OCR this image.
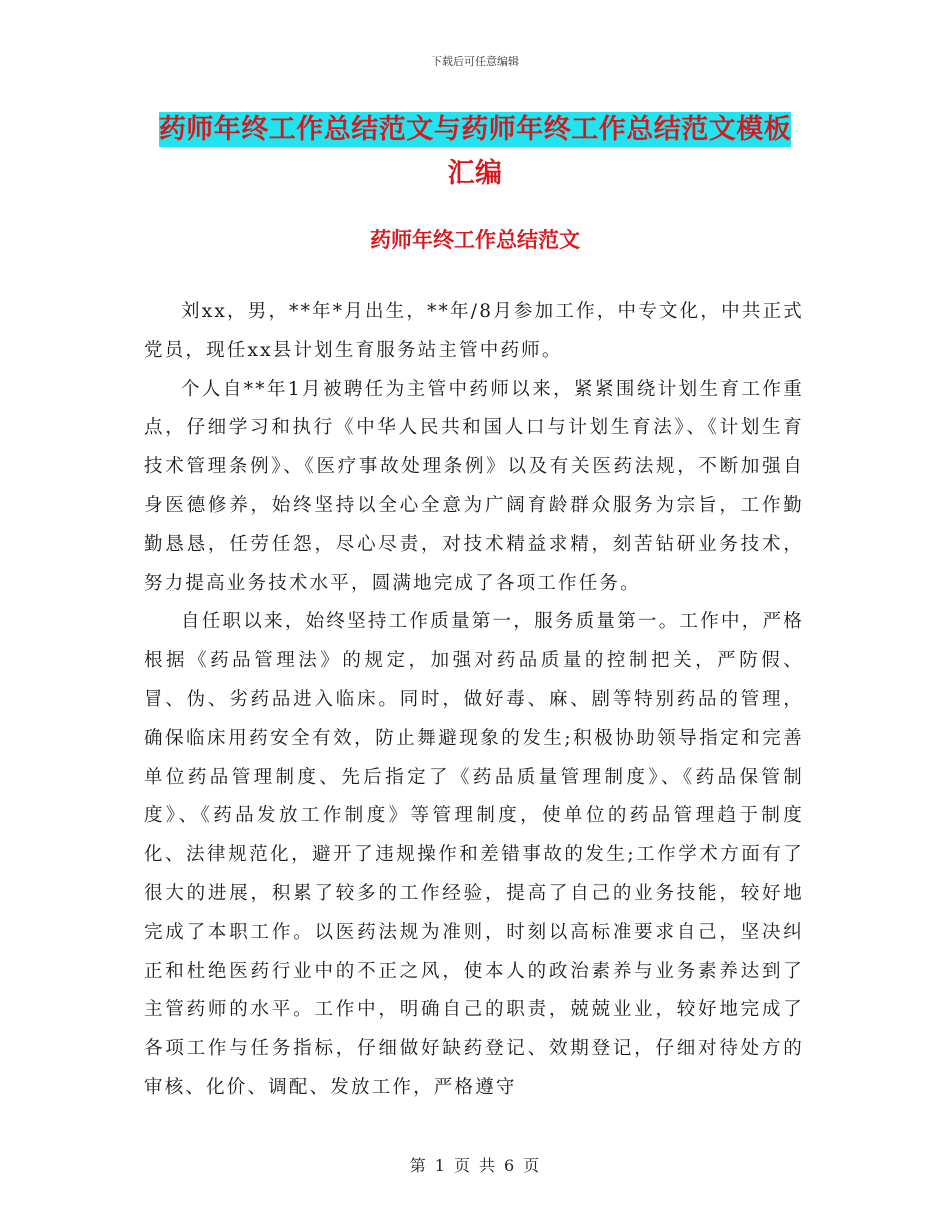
下载后可任意编辑
药师年终工作总结范文与药师年终工作总结范文模板
汇编
药师年终工作总结范文

刘xx，男，**年*月出生，**年/8月参加工作，中专文化，中共正式党员，现任xx县计划生育服务站主管中药师。

个人自**年1月被聘任为主管中药师以来，紧紧围绕计划生育工作重点，仔细学习和执行《中华人民共和国人口与计划生育法》、《计划生育技术管理条例》、《医疗事故处理条例》以及有关医药法规，不断加强自身医德修养，始终坚持以全心全意为广阔育龄群众服务为宗旨，工作勤勤恳恳，任劳任怨，尽心尽责，对技术精益求精，刻苦钻研业务技术，努力提高业务技术水平，圆满地完成了各项工作任务。

自任职以来，始终坚持工作质量第一，服务质量第一。工作中，严格根据《药品管理法》的规定，加强对药品质量的控制把关，严防假、冒、伪、劣药品进入临床。同时，做好毒、麻、剧等特别药品的管理，确保临床用药安全有效，防止舞避现象的发生;积极协助领导指定和完善单位药品管理制度、先后指定了《药品质量管理制度》、《药品保管制度》、《药品发放工作制度》等管理制度，使单位的药品管理趋于制度化、法律规范化，避开了违规操作和差错事故的发生;工作学术方面有了很大的进展，积累了较多的工作经验，提高了自己的业务技能，较好地完成了本职工作。以医药法规为准则，时刻以高标准要求自己，坚决纠正和杜绝医药行业中的不正之风，使本人的政治素养与业务素养达到了主管药师的水平。工作中，明确自己的职责，兢兢业业，较好地完成了各项工作与任务指标，仔细做好缺药登记、效期登记，仔细对待处方的审核、化价、调配、发放工作，严格遵守

第 1 页 共 6 页
